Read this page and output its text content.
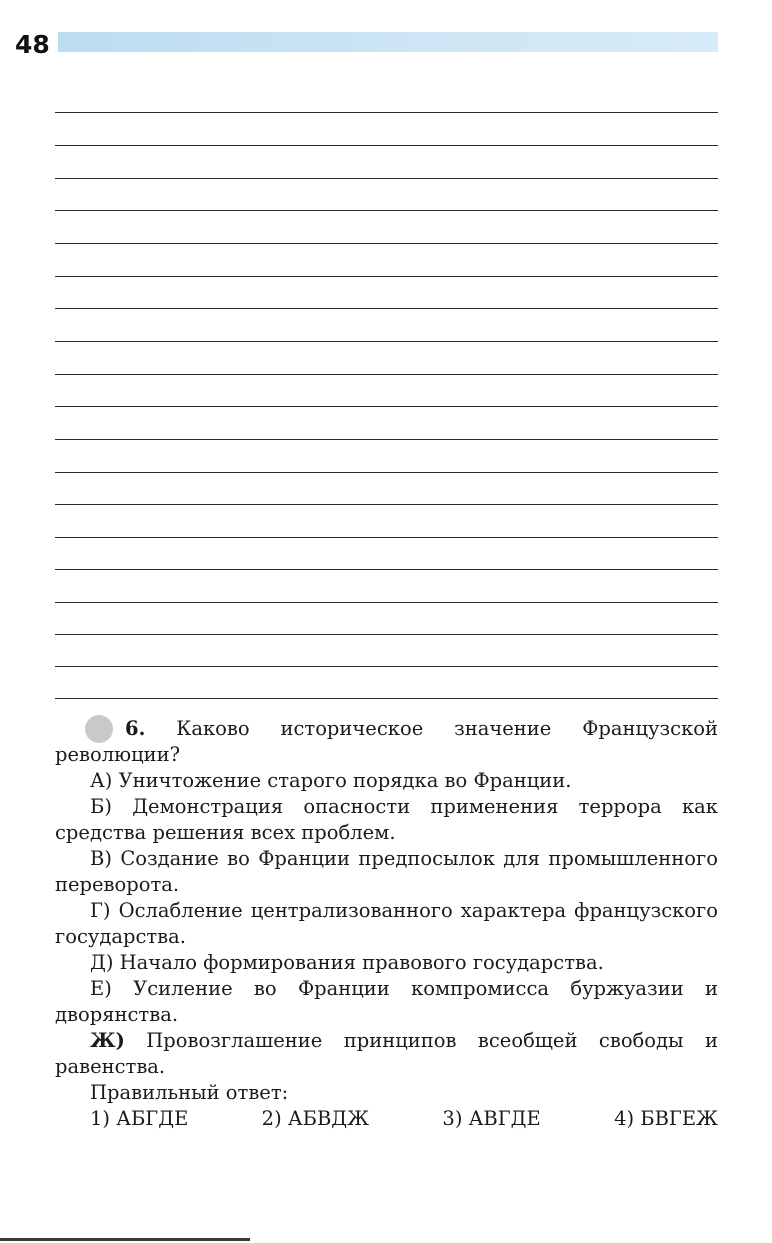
48

6. Каково историческое значение Французской революции?

А) Уничтожение старого порядка во Франции.

Б) Демонстрация опасности применения террора как средства решения всех проблем.

В) Создание во Франции предпосылок для промышленного переворота.

Г) Ослабление централизованного характера французского государства.

Д) Начало формирования правового государства.

Е) Усиление во Франции компромисса буржуазии и дворянства.

Ж) Провозглашение принципов всеобщей свободы и равенства.

Правильный ответ:

1) АБГДЕ	2) АБВДЖ	3) АВГДЕ	4) БВГЕЖ
